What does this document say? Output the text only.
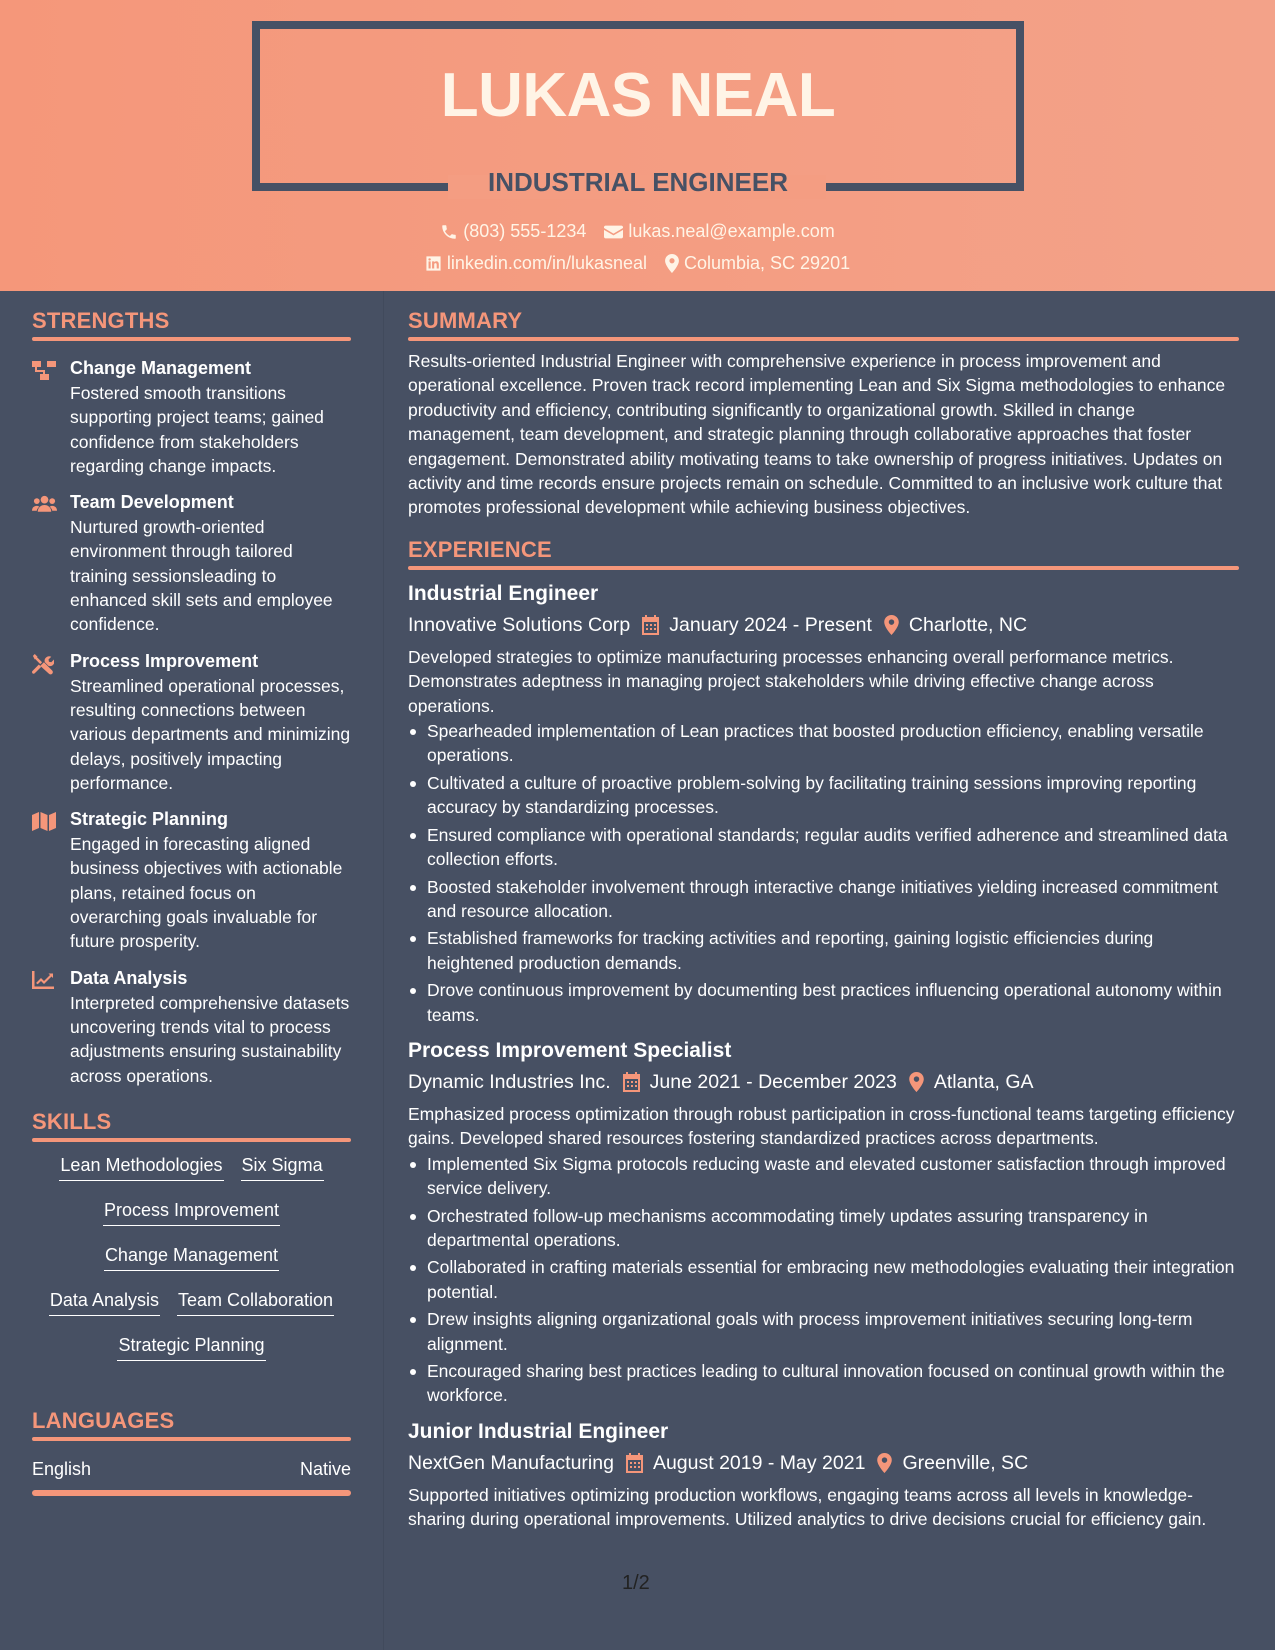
LUKAS NEAL
INDUSTRIAL ENGINEER
(803) 555-1234 lukas.neal@example.com
linkedin.com/in/lukasneal Columbia, SC 29201
STRENGTHS
Change Management
Fostered smooth transitions supporting project teams; gained confidence from stakeholders regarding change impacts.
Team Development
Nurtured growth-oriented environment through tailored training sessionsleading to enhanced skill sets and employee confidence.
Process Improvement
Streamlined operational processes, resulting connections between various departments and minimizing delays, positively impacting performance.
Strategic Planning
Engaged in forecasting aligned business objectives with actionable plans, retained focus on overarching goals invaluable for future prosperity.
Data Analysis
Interpreted comprehensive datasets uncovering trends vital to process adjustments ensuring sustainability across operations.
SKILLS
Lean Methodologies Six Sigma
Process Improvement
Change Management
Data Analysis Team Collaboration
Strategic Planning
LANGUAGES
English	Native
SUMMARY
Results-oriented Industrial Engineer with comprehensive experience in process improvement and operational excellence. Proven track record implementing Lean and Six Sigma methodologies to enhance productivity and efficiency, contributing significantly to organizational growth. Skilled in change management, team development, and strategic planning through collaborative approaches that foster engagement. Demonstrated ability motivating teams to take ownership of progress initiatives. Updates on activity and time records ensure projects remain on schedule. Committed to an inclusive work culture that promotes professional development while achieving business objectives.
EXPERIENCE
Industrial Engineer
Innovative Solutions Corp January 2024 - Present Charlotte, NC
Developed strategies to optimize manufacturing processes enhancing overall performance metrics. Demonstrates adeptness in managing project stakeholders while driving effective change across operations.
Spearheaded implementation of Lean practices that boosted production efficiency, enabling versatile operations.
Cultivated a culture of proactive problem-solving by facilitating training sessions improving reporting accuracy by standardizing processes.
Ensured compliance with operational standards; regular audits verified adherence and streamlined data collection efforts.
Boosted stakeholder involvement through interactive change initiatives yielding increased commitment and resource allocation.
Established frameworks for tracking activities and reporting, gaining logistic efficiencies during heightened production demands.
Drove continuous improvement by documenting best practices influencing operational autonomy within teams.
Process Improvement Specialist
Dynamic Industries Inc. June 2021 - December 2023 Atlanta, GA
Emphasized process optimization through robust participation in cross-functional teams targeting efficiency gains. Developed shared resources fostering standardized practices across departments.
Implemented Six Sigma protocols reducing waste and elevated customer satisfaction through improved service delivery.
Orchestrated follow-up mechanisms accommodating timely updates assuring transparency in departmental operations.
Collaborated in crafting materials essential for embracing new methodologies evaluating their integration potential.
Drew insights aligning organizational goals with process improvement initiatives securing long-term alignment.
Encouraged sharing best practices leading to cultural innovation focused on continual growth within the workforce.
Junior Industrial Engineer
NextGen Manufacturing August 2019 - May 2021 Greenville, SC
Supported initiatives optimizing production workflows, engaging teams across all levels in knowledge-sharing during operational improvements. Utilized analytics to drive decisions crucial for efficiency gain.
1/2
